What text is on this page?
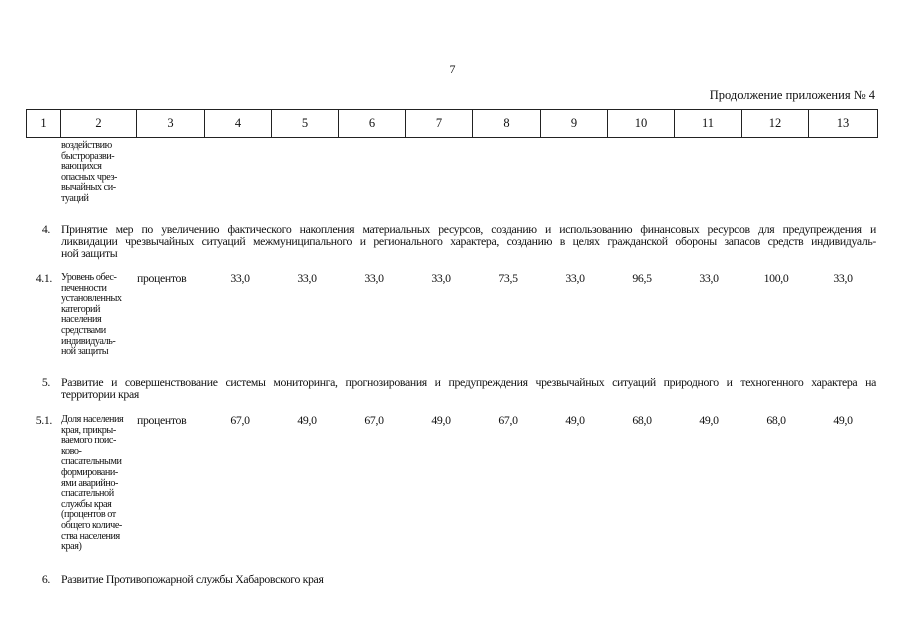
7
Продолжение приложения № 4
1	2	3	4	5	6	7	8	9	10	11	12	13
воздействию
быстроразви-
вающихся
опасных чрез-
вычайных си-
туаций
4. Принятие мер по увеличению фактического накопления материальных ресурсов, созданию и использованию финансовых ресурсов для предупреждения и
ликвидации чрезвычайных ситуаций межмуниципального и регионального характера, созданию в целях гражданской обороны запасов средств индивидуаль-
ной защиты
4.1. Уровень обес-
печенности
установленных
категорий
населения
средствами
индивидуаль-
ной защиты
процентов	33,0	33,0	33,0	33,0	73,5	33,0	96,5	33,0	100,0	33,0
5. Развитие и совершенствование системы мониторинга, прогнозирования и предупреждения чрезвычайных ситуаций природного и техногенного характера на
территории края
5.1. Доля населения
края, прикры-
ваемого поис-
ково-
спасательными
формировани-
ями аварийно-
спасательной
службы края
(процентов от
общего количе-
ства населения
края)
процентов	67,0	49,0	67,0	49,0	67,0	49,0	68,0	49,0	68,0	49,0
6. Развитие Противопожарной службы Хабаровского края
